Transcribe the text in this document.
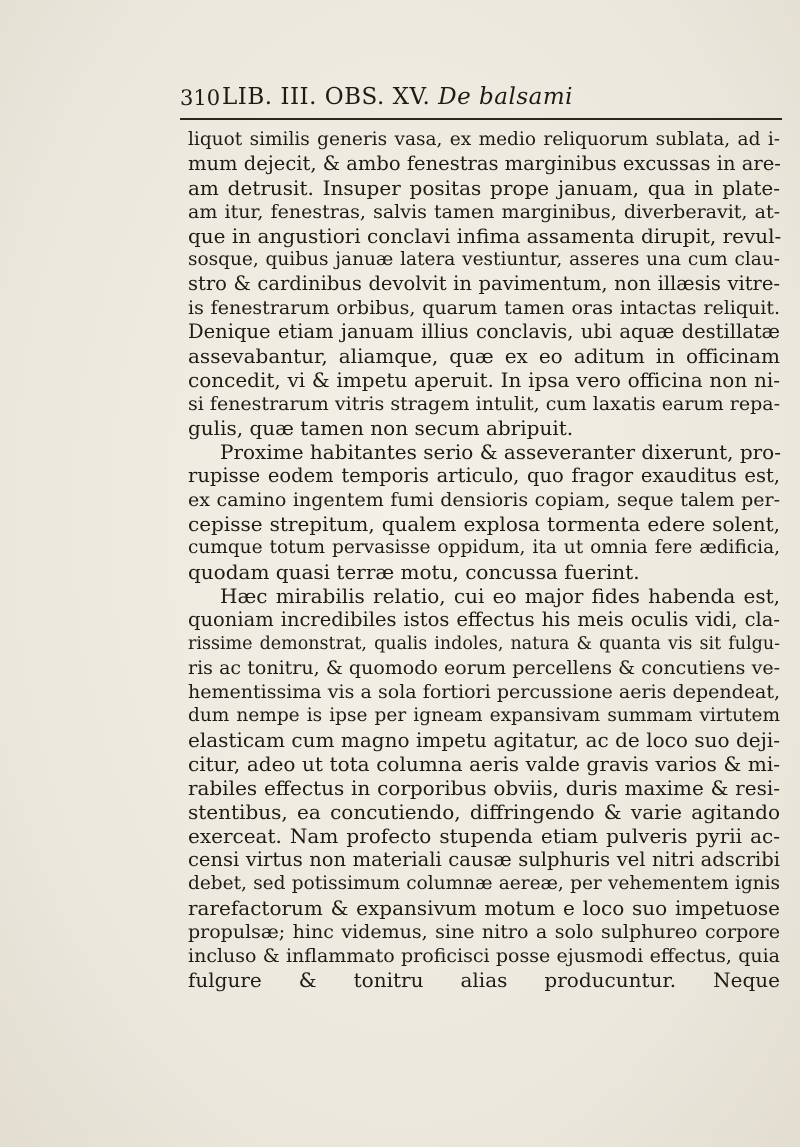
310 LIB. III. OBS. XV. De balsami
liquot similis generis vasa, ex medio reliquorum sublata, ad i-
mum dejecit, & ambo fenestras marginibus excussas in are-
am detrusit. Insuper positas prope januam, qua in plate-
am itur, fenestras, salvis tamen marginibus, diverberavit, at-
que in angustiori conclavi infima assamenta dirupit, revul-
sosque, quibus januæ latera vestiuntur, asseres una cum clau-
stro & cardinibus devolvit in pavimentum, non illæsis vitre-
is fenestrarum orbibus, quarum tamen oras intactas reliquit.
Denique etiam januam illius conclavis, ubi aquæ destillatæ
assevabantur, aliamque, quæ ex eo aditum in officinam
concedit, vi & impetu aperuit. In ipsa vero officina non ni-
si fenestrarum vitris stragem intulit, cum laxatis earum repa-
gulis, quæ tamen non secum abripuit.
Proxime habitantes serio & asseveranter dixerunt, pro-
rupisse eodem temporis articulo, quo fragor exauditus est,
ex camino ingentem fumi densioris copiam, seque talem per-
cepisse strepitum, qualem explosa tormenta edere solent,
cumque totum pervasisse oppidum, ita ut omnia fere ædificia,
quodam quasi terræ motu, concussa fuerint.
Hæc mirabilis relatio, cui eo major fides habenda est,
quoniam incredibiles istos effectus his meis oculis vidi, cla-
rissime demonstrat, qualis indoles, natura & quanta vis sit fulgu-
ris ac tonitru, & quomodo eorum percellens & concutiens ve-
hementissima vis a sola fortiori percussione aeris dependeat,
dum nempe is ipse per igneam expansivam summam virtutem
elasticam cum magno impetu agitatur, ac de loco suo deji-
citur, adeo ut tota columna aeris valde gravis varios & mi-
rabiles effectus in corporibus obviis, duris maxime & resi-
stentibus, ea concutiendo, diffringendo & varie agitando
exerceat. Nam profecto stupenda etiam pulveris pyrii ac-
censi virtus non materiali causæ sulphuris vel nitri adscribi
debet, sed potissimum columnæ aereæ, per vehementem ignis
rarefactorum & expansivum motum e loco suo impetuose
propulsæ; hinc videmus, sine nitro a solo sulphureo corpore
incluso & inflammato proficisci posse ejusmodi effectus, quia
fulgure & tonitru alias producuntur. Neque
